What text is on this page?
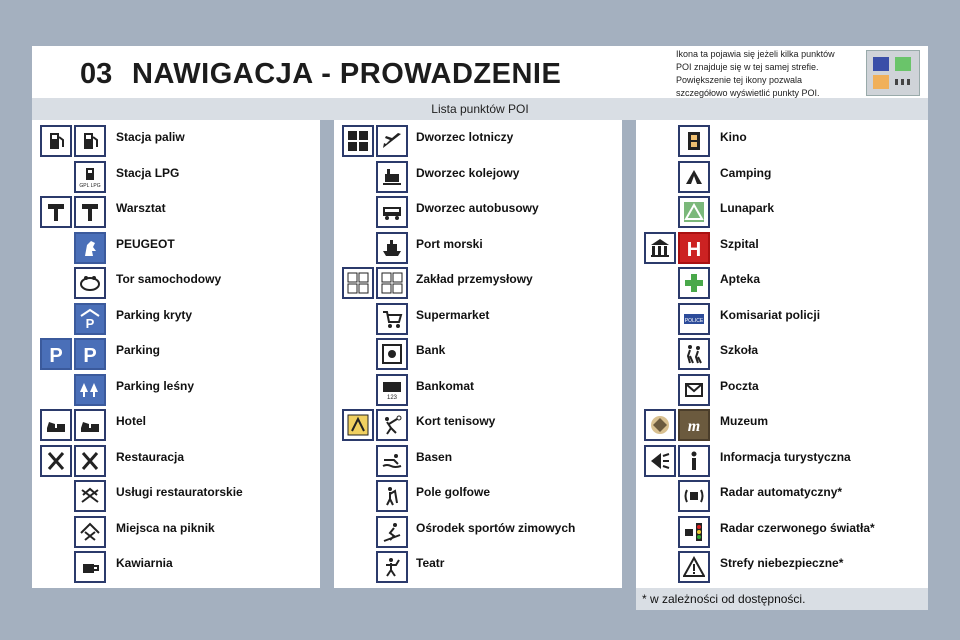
03 NAWIGACJA - PROWADZENIE
Ikona ta pojawia się jeżeli kilka punktów
POI znajduje się w tej samej strefie.
Powiększenie tej ikony pozwala
szczegółowo wyświetlić punkty POI.
Lista punktów POI
Stacja paliw
GPL LPG
Stacja LPG
Warsztat
PEUGEOT
Tor samochodowy
P
Parking kryty
P P Parking
Parking leśny
Hotel
Restauracja
Usługi restauratorskie
Miejsca na piknik
Kawiarnia
Dworzec lotniczy
Dworzec kolejowy
Dworzec autobusowy
Port morski
Zakład przemysłowy
Supermarket
Bank
123
Bankomat
Kort tenisowy
Basen
Pole golfowe
Ośrodek sportów zimowych
Teatr
Kino
Camping
Lunapark
H Szpital
Apteka
POLICE Komisariat policji
Szkoła
Poczta
m Muzeum
Informacja turystyczna
Radar automatyczny*
Radar czerwonego światła*
Strefy niebezpieczne*
* w zależności od dostępności.
